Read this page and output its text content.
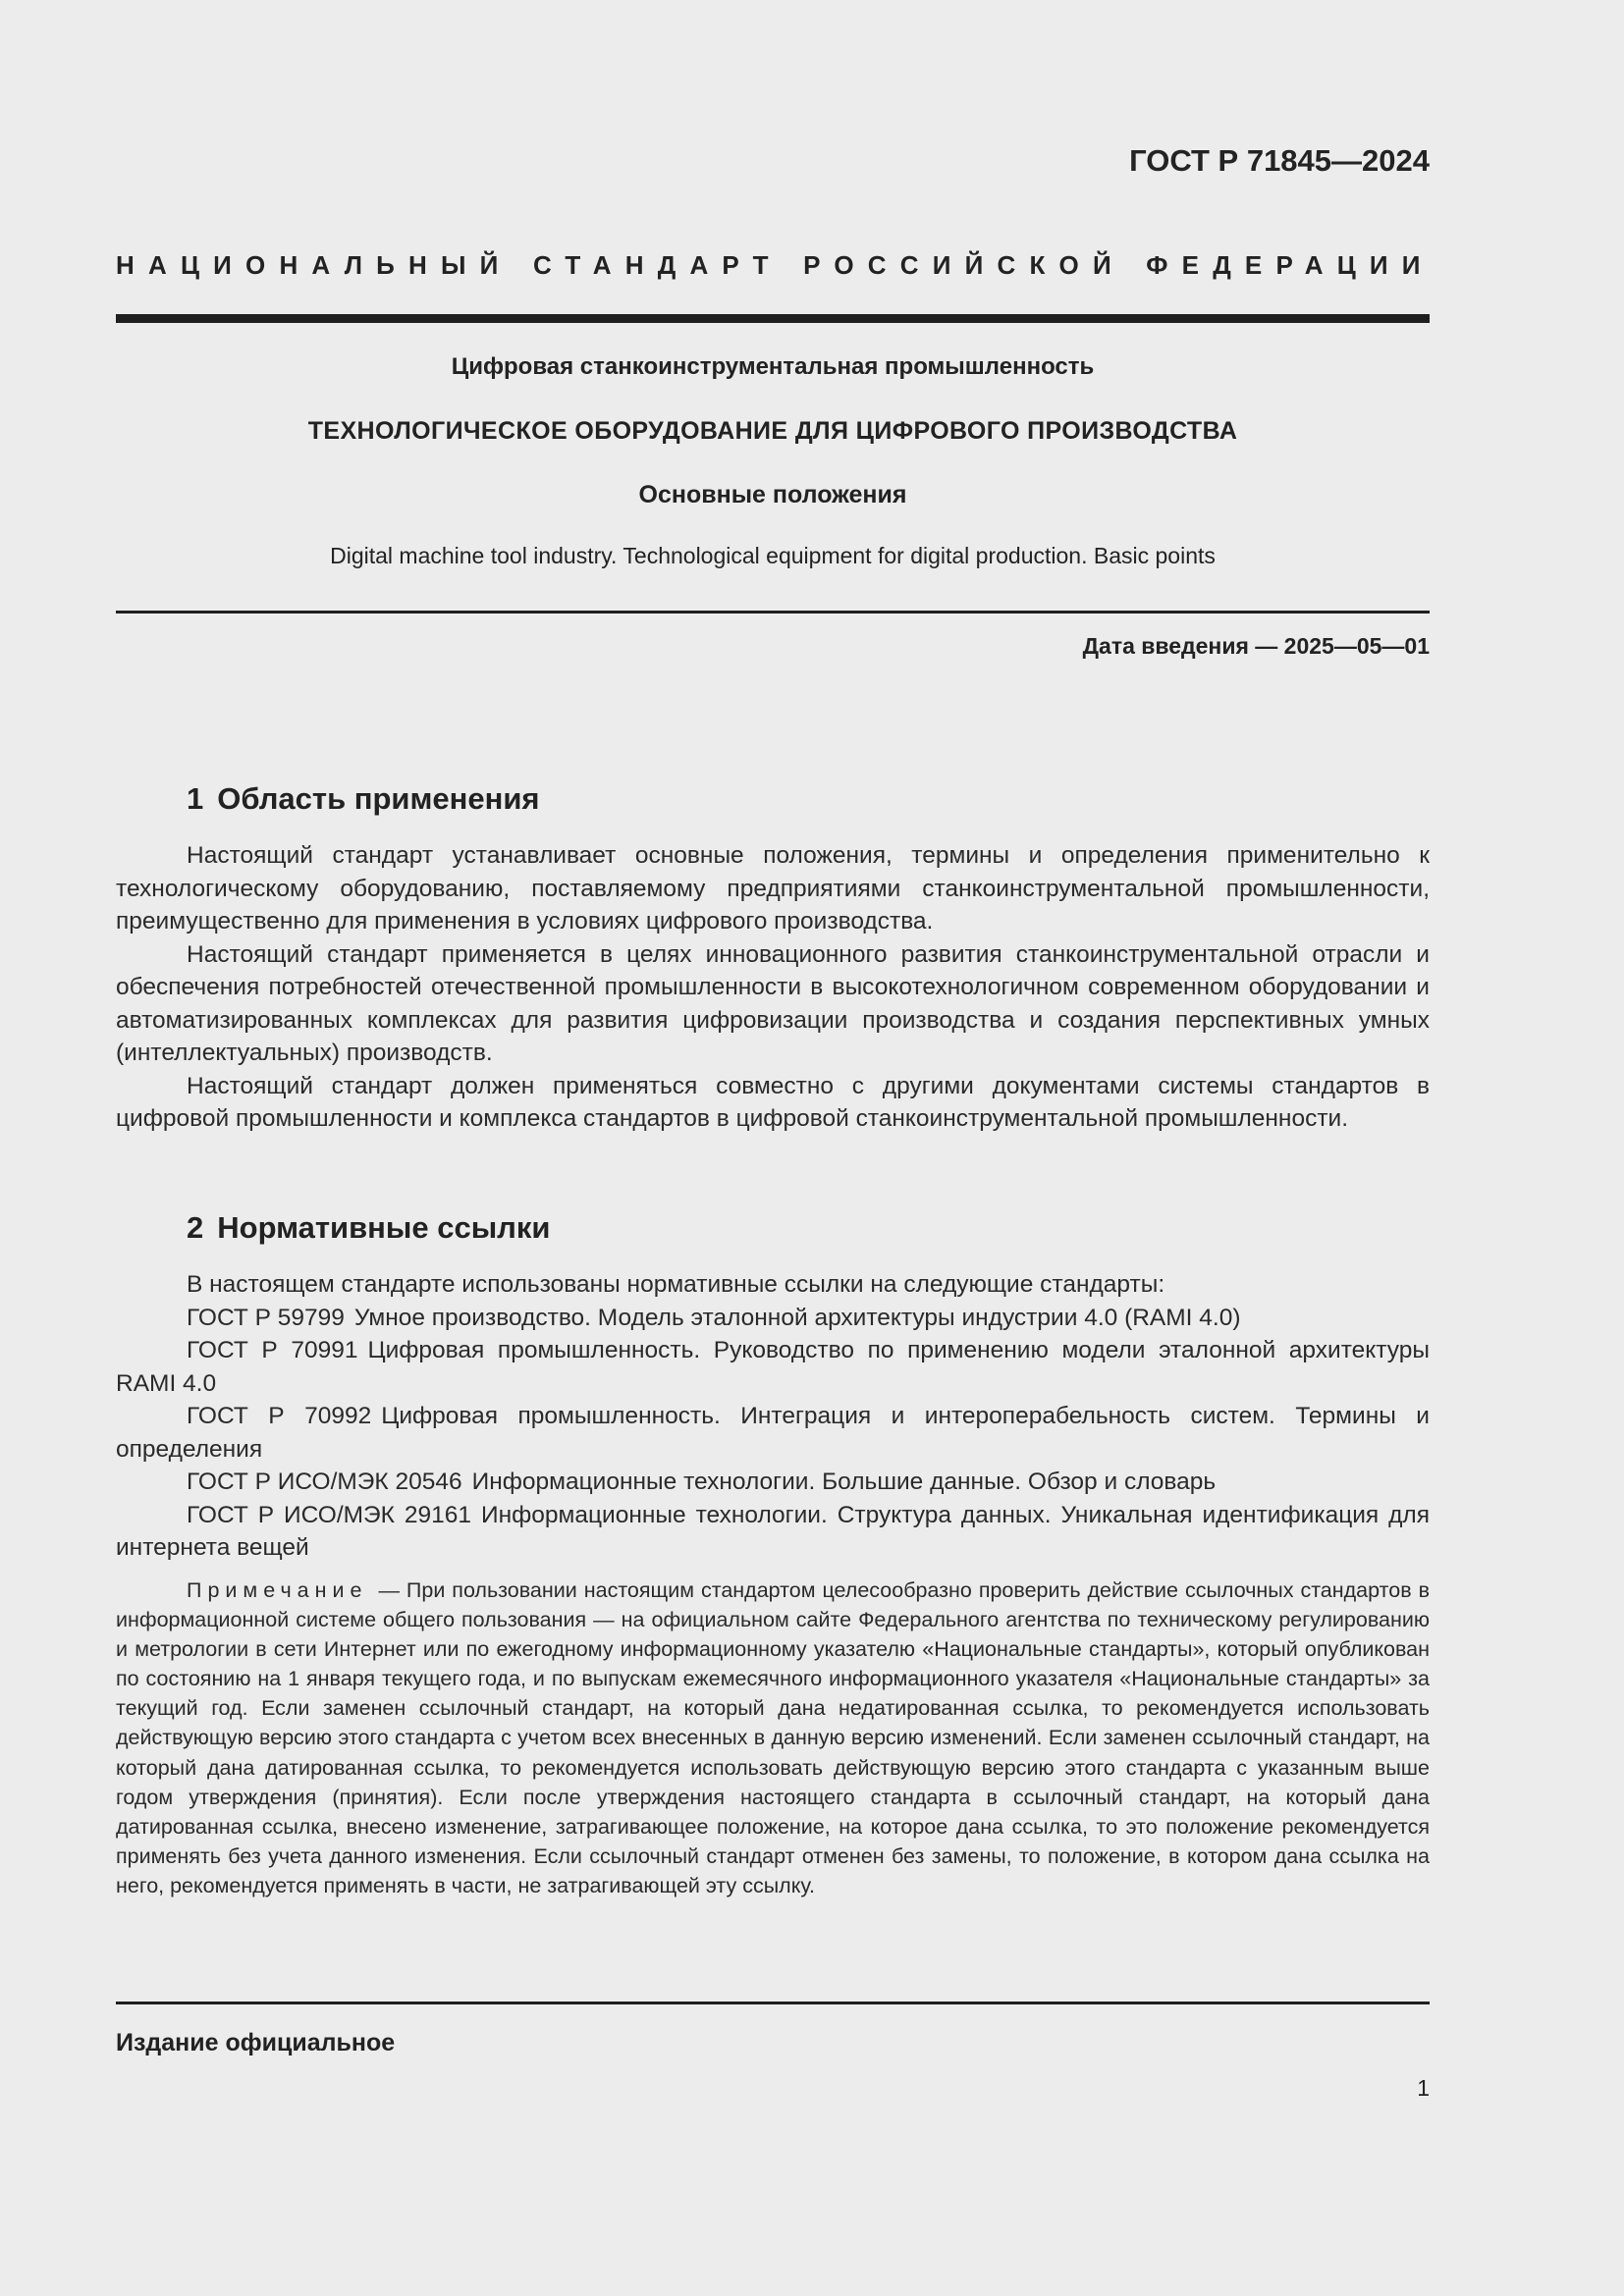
ГОСТ Р 71845—2024
НАЦИОНАЛЬНЫЙ СТАНДАРТ РОССИЙСКОЙ ФЕДЕРАЦИИ
Цифровая станкоинструментальная промышленность
ТЕХНОЛОГИЧЕСКОЕ ОБОРУДОВАНИЕ ДЛЯ ЦИФРОВОГО ПРОИЗВОДСТВА
Основные положения
Digital machine tool industry. Technological equipment for digital production. Basic points
Дата введения — 2025—05—01
1 Область применения

Настоящий стандарт устанавливает основные положения, термины и определения применительно к технологическому оборудованию, поставляемому предприятиями станкоинструментальной промышленности, преимущественно для применения в условиях цифрового производства.

Настоящий стандарт применяется в целях инновационного развития станкоинструментальной отрасли и обеспечения потребностей отечественной промышленности в высокотехнологичном современном оборудовании и автоматизированных комплексах для развития цифровизации производства и создания перспективных умных (интеллектуальных) производств.

Настоящий стандарт должен применяться совместно с другими документами системы стандартов в цифровой промышленности и комплекса стандартов в цифровой станкоинструментальной промышленности.

2 Нормативные ссылки

В настоящем стандарте использованы нормативные ссылки на следующие стандарты:

ГОСТ Р 59799 Умное производство. Модель эталонной архитектуры индустрии 4.0 (RAMI 4.0)

ГОСТ Р 70991 Цифровая промышленность. Руководство по применению модели эталонной архитектуры RAMI 4.0

ГОСТ Р 70992 Цифровая промышленность. Интеграция и интероперабельность систем. Термины и определения

ГОСТ Р ИСО/МЭК 20546 Информационные технологии. Большие данные. Обзор и словарь

ГОСТ Р ИСО/МЭК 29161 Информационные технологии. Структура данных. Уникальная идентификация для интернета вещей

Примечание — При пользовании настоящим стандартом целесообразно проверить действие ссылочных стандартов в информационной системе общего пользования — на официальном сайте Федерального агентства по техническому регулированию и метрологии в сети Интернет или по ежегодному информационному указателю «Национальные стандарты», который опубликован по состоянию на 1 января текущего года, и по выпускам ежемесячного информационного указателя «Национальные стандарты» за текущий год. Если заменен ссылочный стандарт, на который дана недатированная ссылка, то рекомендуется использовать действующую версию этого стандарта с учетом всех внесенных в данную версию изменений. Если заменен ссылочный стандарт, на который дана датированная ссылка, то рекомендуется использовать действующую версию этого стандарта с указанным выше годом утверждения (принятия). Если после утверждения настоящего стандарта в ссылочный стандарт, на который дана датированная ссылка, внесено изменение, затрагивающее положение, на которое дана ссылка, то это положение рекомендуется применять без учета данного изменения. Если ссылочный стандарт отменен без замены, то положение, в котором дана ссылка на него, рекомендуется применять в части, не затрагивающей эту ссылку.

Издание официальное
1
